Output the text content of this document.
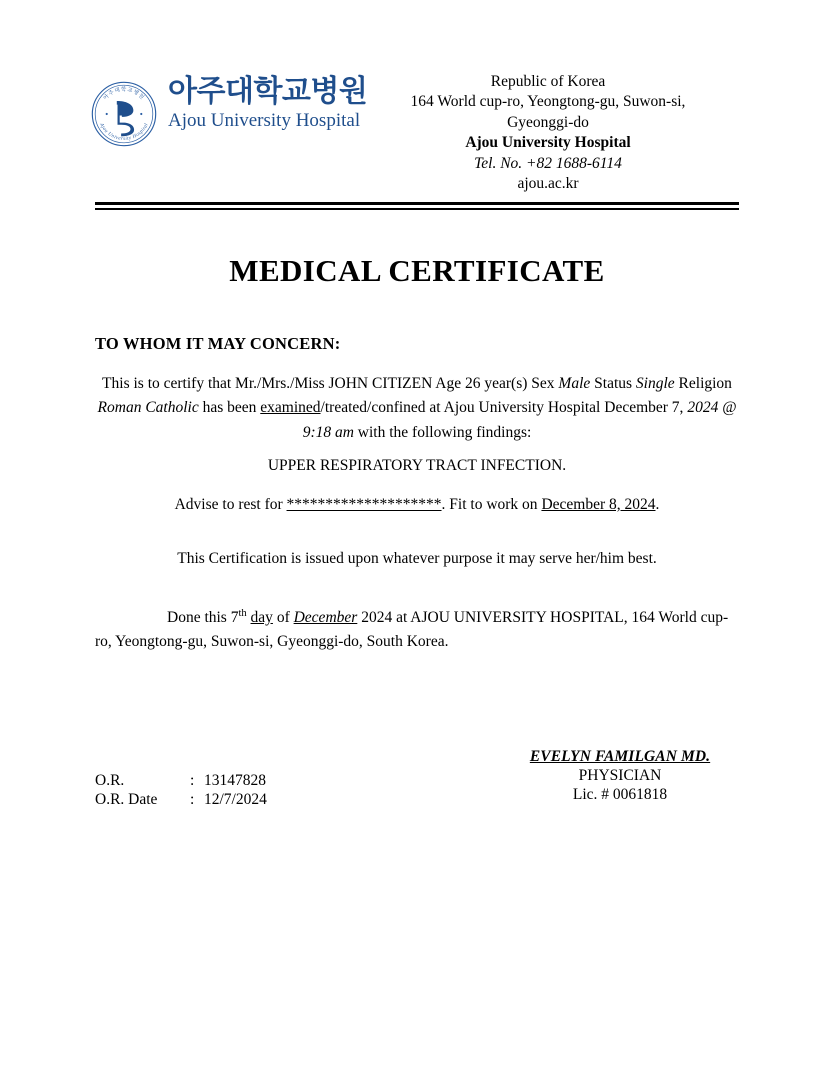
아주대학교병원
Ajou University Hospital
아주대학교병원
Ajou University Hospital
Republic of Korea
164 World cup-ro, Yeongtong-gu, Suwon-si,
Gyeonggi-do
Ajou University Hospital
Tel. No. +82 1688-6114
ajou.ac.kr
MEDICAL CERTIFICATE
TO WHOM IT MAY CONCERN:
This is to certify that Mr./Mrs./Miss JOHN CITIZEN Age 26 year(s) Sex Male Status Single Religion Roman Catholic has been examined/treated/confined at Ajou University Hospital December 7, 2024 @ 9:18 am with the following findings:
UPPER RESPIRATORY TRACT INFECTION.
Advise to rest for ********************. Fit to work on December 8, 2024.
This Certification is issued upon whatever purpose it may serve her/him best.
Done this 7th day of December 2024 at AJOU UNIVERSITY HOSPITAL, 164 World cup-ro, Yeongtong-gu, Suwon-si, Gyeonggi-do, South Korea.
O.R.	: 13147828
O.R. Date	: 12/7/2024
EVELYN FAMILGAN MD.
PHYSICIAN
Lic. # 0061818
